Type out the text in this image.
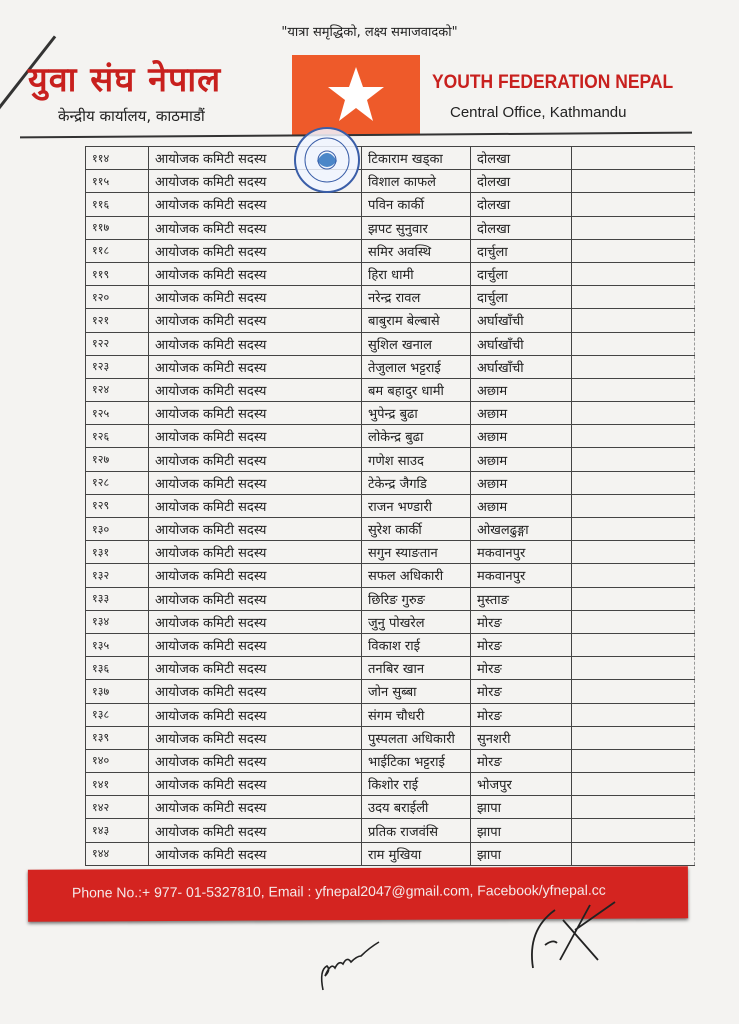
"यात्रा समृद्धिको, लक्ष्य समाजवादको"
युवा संघ नेपाल
केन्द्रीय कार्यालय, काठमाडौं
YOUTH FEDERATION NEPAL
Central Office, Kathmandu
११४	आयोजक कमिटी सदस्य	टिकाराम खड्का	दोलखा	
११५	आयोजक कमिटी सदस्य	विशाल काफले	दोलखा	
११६	आयोजक कमिटी सदस्य	पविन कार्की	दोलखा	
११७	आयोजक कमिटी सदस्य	झपट सुनुवार	दोलखा	
११८	आयोजक कमिटी सदस्य	समिर अवस्थि	दार्चुला	
११९	आयोजक कमिटी सदस्य	हिरा धामी	दार्चुला	
१२०	आयोजक कमिटी सदस्य	नरेन्द्र रावल	दार्चुला	
१२१	आयोजक कमिटी सदस्य	बाबुराम बेल्बासे	अर्घाखाँची	
१२२	आयोजक कमिटी सदस्य	सुशिल खनाल	अर्घाखाँची	
१२३	आयोजक कमिटी सदस्य	तेजुलाल भट्टराई	अर्घाखाँची	
१२४	आयोजक कमिटी सदस्य	बम बहादुर धामी	अछाम	
१२५	आयोजक कमिटी सदस्य	भुपेन्द्र बुढा	अछाम	
१२६	आयोजक कमिटी सदस्य	लोकेन्द्र बुढा	अछाम	
१२७	आयोजक कमिटी सदस्य	गणेश साउद	अछाम	
१२८	आयोजक कमिटी सदस्य	टेकेन्द्र जैगडि	अछाम	
१२९	आयोजक कमिटी सदस्य	राजन भण्डारी	अछाम	
१३०	आयोजक कमिटी सदस्य	सुरेश कार्की	ओखलढुङ्गा	
१३१	आयोजक कमिटी सदस्य	सगुन स्याङतान	मकवानपुर	
१३२	आयोजक कमिटी सदस्य	सफल अधिकारी	मकवानपुर	
१३३	आयोजक कमिटी सदस्य	छिरिङ गुरुङ	मुस्ताङ	
१३४	आयोजक कमिटी सदस्य	जुनु पोखरेल	मोरङ	
१३५	आयोजक कमिटी सदस्य	विकाश राई	मोरङ	
१३६	आयोजक कमिटी सदस्य	तनबिर खान	मोरङ	
१३७	आयोजक कमिटी सदस्य	जोन सुब्बा	मोरङ	
१३८	आयोजक कमिटी सदस्य	संगम चौधरी	मोरङ	
१३९	आयोजक कमिटी सदस्य	पुस्पलता अधिकारी	सुनशरी	
१४०	आयोजक कमिटी सदस्य	भाईटिका भट्टराई	मोरङ	
१४१	आयोजक कमिटी सदस्य	किशोर राई	भोजपुर	
१४२	आयोजक कमिटी सदस्य	उदय बराईली	झापा	
१४३	आयोजक कमिटी सदस्य	प्रतिक राजवंसि	झापा	
१४४	आयोजक कमिटी सदस्य	राम मुखिया	झापा	
Phone No.:+ 977- 01-5327810, Email : yfnepal2047@gmail.com, Facebook/yfnepal.cc
